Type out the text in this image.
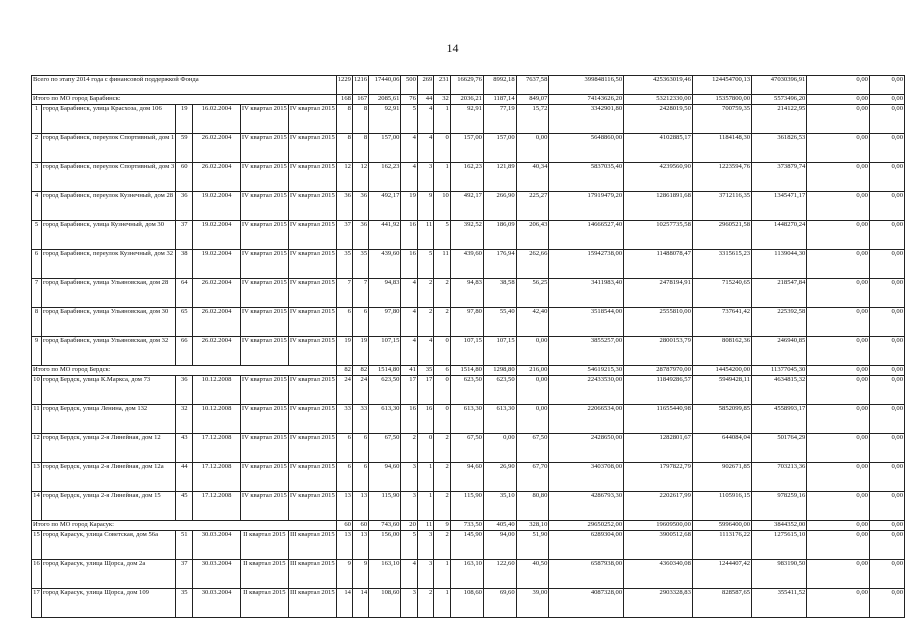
14
Всего по этапу 2014 года с финансовой поддержкой Фонда						1229	1216	17440,06	500	269	231	16629,76	8992,18	7637,58	399848116,50	425363019,46	124454700,13	47030396,91	0,00	0,00
Итого по МО город Барабинск:						168	167	2085,61	76	44	32	2036,21	1187,14	849,07	74143626,20	53212330,00	15357800,00	5573496,20	0,00	0,00
1	город Барабинск, улица Красхоза, дом 106	19	16.02.2004	IV квартал 2015	IV квартал 2015	8	8	92,91	5	4	1	92,91	77,19	15,72	3342901,80	2428019,50	700759,35	214122,95	0,00	0,00
2	город Барабинск, переулок Спортивный, дом 1	59	26.02.2004	IV квартал 2015	IV квартал 2015	8	8	157,00	4	4	0	157,00	157,00	0,00	5648860,00	4102885,17	1184148,30	361826,53	0,00	0,00
3	город Барабинск, переулок Спортивный, дом 3	60	26.02.2004	IV квартал 2015	IV квартал 2015	12	12	162,23	4	3	1	162,23	121,89	40,34	5837035,40	4239560,90	1223594,76	373879,74	0,00	0,00
4	город Барабинск, переулок Кузнечный, дом 28	36	19.02.2004	IV квартал 2015	IV квартал 2015	36	36	492,17	19	9	10	492,17	266,90	225,27	17919479,20	12861891,68	3712116,35	1345471,17	0,00	0,00
5	город Барабинск, улица Кузнечный, дом 30	37	19.02.2004	IV квартал 2015	IV квартал 2015	37	36	441,92	16	11	5	392,52	186,09	206,43	14666527,40	10257735,58	2960521,58	1448270,24	0,00	0,00
6	город Барабинск, переулок Кузнечный, дом 32	38	19.02.2004	IV квартал 2015	IV квартал 2015	35	35	439,60	16	5	11	439,60	176,94	262,66	15942738,00	11488078,47	3315615,23	1139044,30	0,00	0,00
7	город Барабинск, улица Ульяновская, дом 28	64	26.02.2004	IV квартал 2015	IV квартал 2015	7	7	94,83	4	2	2	94,83	38,58	56,25	3411983,40	2478194,91	715240,65	218547,84	0,00	0,00
8	город Барабинск, улица Ульяновская, дом 30	65	26.02.2004	IV квартал 2015	IV квартал 2015	6	6	97,80	4	2	2	97,80	55,40	42,40	3518544,00	2555810,00	737641,42	225392,58	0,00	0,00
9	город Барабинск, улица Ульяновская, дом 32	66	26.02.2004	IV квартал 2015	IV квартал 2015	19	19	107,15	4	4	0	107,15	107,15	0,00	3855257,00	2800153,79	808162,36	246940,85	0,00	0,00
Итого по МО город Бердск:						82	82	1514,80	41	35	6	1514,80	1298,80	216,00	54619215,30	28787970,00	14454200,00	11377045,30	0,00	0,00
10	город Бердск, улица К.Маркса, дом 73	36	10.12.2008	IV квартал 2015	IV квартал 2015	24	24	623,50	17	17	0	623,50	623,50	0,00	22433530,00	11849286,57	5949428,11	4634815,32	0,00	0,00
11	город Бердск, улица Ленина, дом 132	32	10.12.2008	IV квартал 2015	IV квартал 2015	33	33	613,30	16	16	0	613,30	613,30	0,00	22066534,00	11655440,98	5852099,85	4558993,17	0,00	0,00
12	город Бердск, улица 2-я Линейная, дом 12	43	17.12.2008	IV квартал 2015	IV квартал 2015	6	6	67,50	2	0	2	67,50	0,00	67,50	2428650,00	1282801,67	644084,04	501764,29	0,00	0,00
13	город Бердск, улица 2-я Линейная, дом 12а	44	17.12.2008	IV квартал 2015	IV квартал 2015	6	6	94,60	3	1	2	94,60	26,90	67,70	3403708,00	1797822,79	902671,85	703213,36	0,00	0,00
14	город Бердск, улица 2-я Линейная, дом 15	45	17.12.2008	IV квартал 2015	IV квартал 2015	13	13	115,90	3	1	2	115,90	35,10	80,80	4286793,30	2202617,99	1105916,15	978259,16	0,00	0,00
Итого по МО город Карасук:						60	60	743,60	20	11	9	733,50	405,40	328,10	29650252,00	19609500,00	5996400,00	3844352,00	0,00	0,00
15	город Карасук, улица Советская, дом 56а	51	30.03.2004	II квартал 2015	III квартал 2015	13	13	156,00	5	3	2	145,90	94,00	51,90	6289304,00	3900512,68	1113176,22	1275615,10	0,00	0,00
16	город Карасук, улица Щорса, дом 2а	37	30.03.2004	II квартал 2015	III квартал 2015	9	9	163,10	4	3	1	163,10	122,60	40,50	6587938,00	4360340,08	1244407,42	983190,50	0,00	0,00
17	город Карасук, улица Щорса, дом 109	35	30.03.2004	II квартал 2015	III квартал 2015	14	14	108,60	3	2	1	108,60	69,60	39,00	4087328,00	2903328,83	828587,65	355411,52	0,00	0,00
